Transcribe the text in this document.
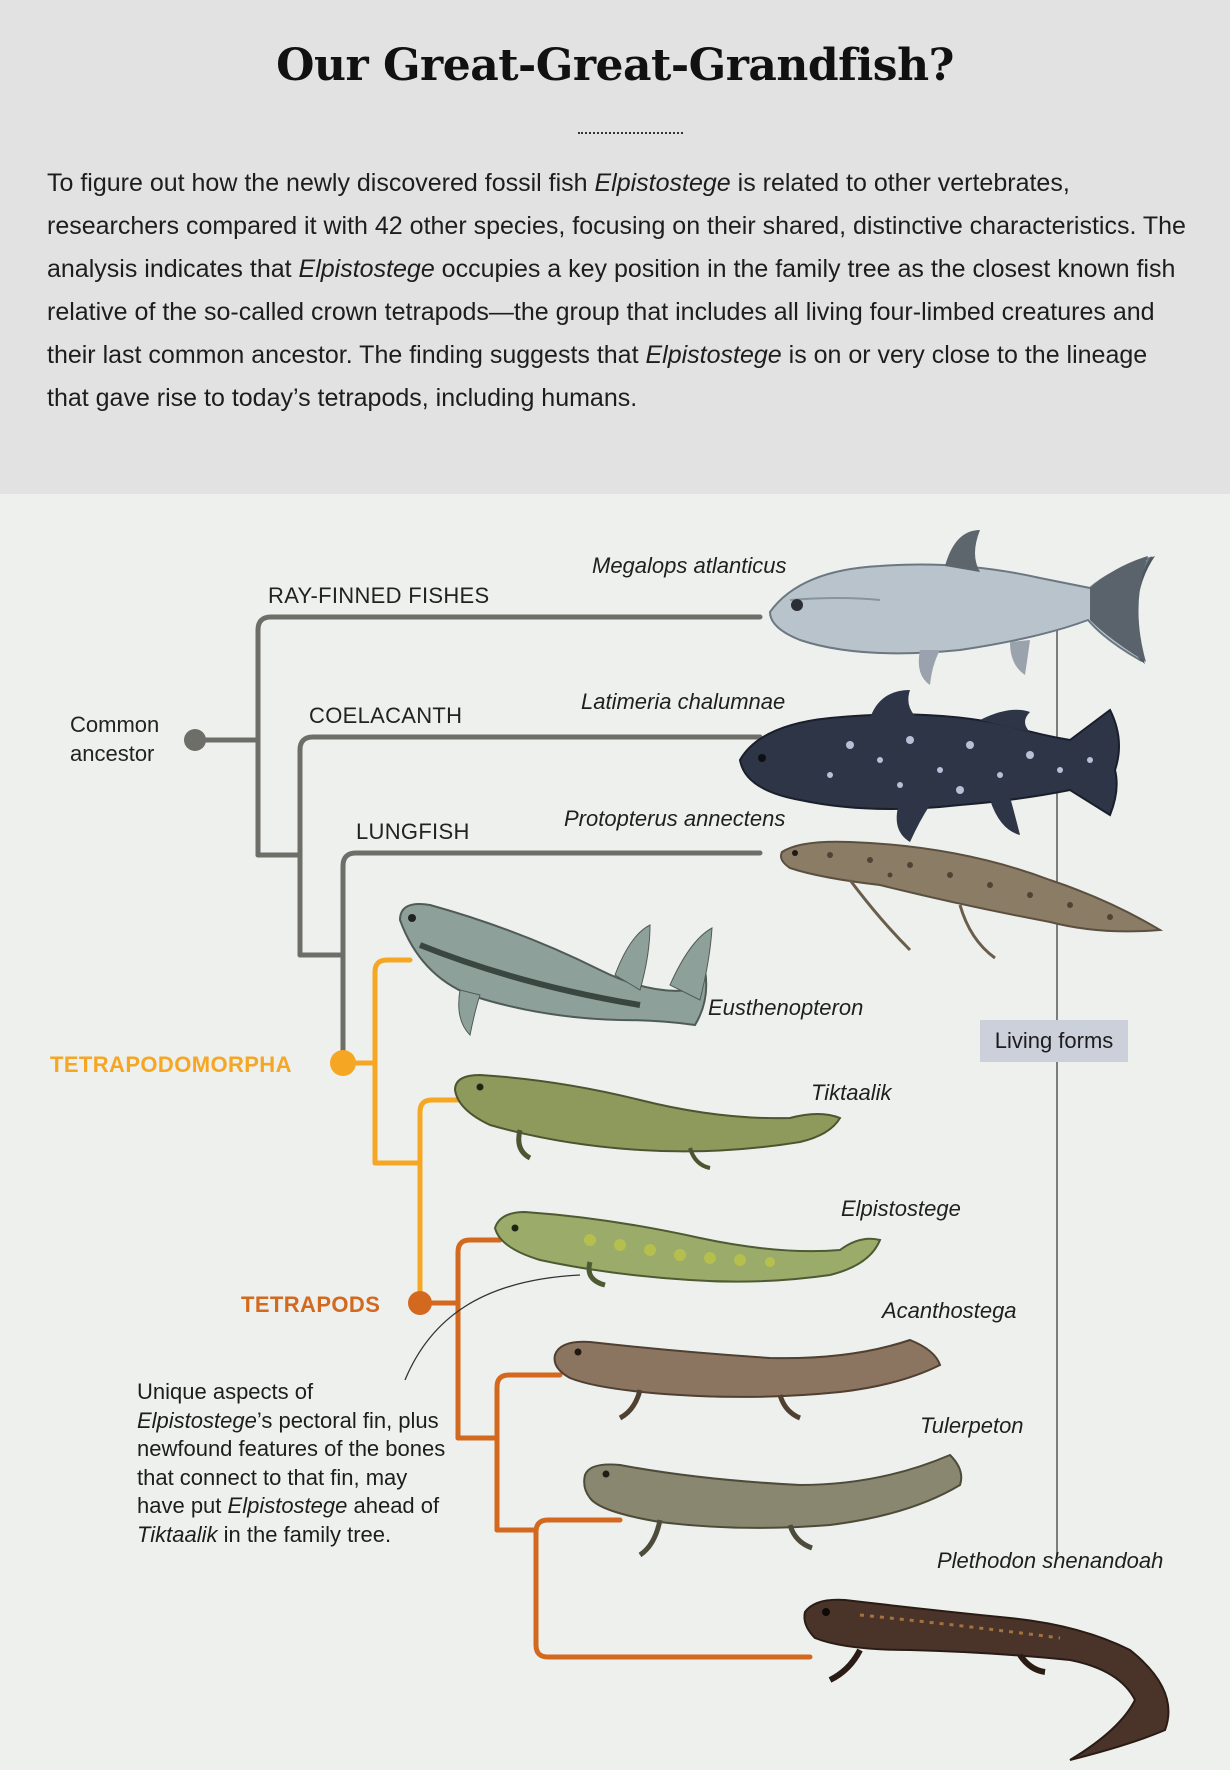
Our Great-Great-Grandfish?
To figure out how the newly discovered fossil fish Elpistostege is related to other vertebrates, researchers compared it with 42 other species, focusing on their shared, distinctive characteristics. The analysis indicates that Elpistostege occupies a key position in the family tree as the closest known fish relative of the so-called crown tetrapods—the group that includes all living four-limbed creatures and their last common ancestor. The finding suggests that Elpistostege is on or very close to the lineage that gave rise to today’s tetrapods, including humans.
Common
ancestor
RAY-FINNED FISHES
COELACANTH
LUNGFISH
TETRAPODOMORPHA
TETRAPODS
Megalops atlanticus
Latimeria chalumnae
Protopterus annectens
Eusthenopteron
Tiktaalik
Elpistostege
Acanthostega
Tulerpeton
Plethodon shenandoah
Living forms
Unique aspects of Elpistostege’s pectoral fin, plus newfound features of the bones that connect to that fin, may have put Elpistostege ahead of Tiktaalik in the family tree.
